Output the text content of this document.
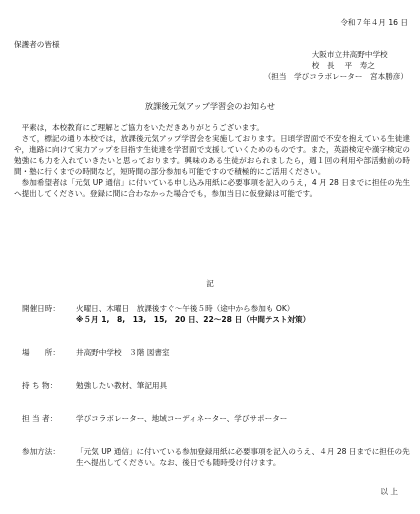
令和７年４月 16 日
保護者の皆様
大阪市立井高野中学校
校　長　 平　寿之
（担当　学びコラボレーター　宮本勝彦）
放課後元気アップ学習会のお知らせ

平素は，本校教育にご理解とご協力をいただきありがとうございます。

さて，標記の通り本校では，放課後元気アップ学習会を実施しております。日頃学習面で不安を抱えている生徒達や，進路に向けて実力アップを目指す生徒達を学習面で支援していくためのものです。また，英語検定や漢字検定の勉強にも力を入れていきたいと思っております。興味のある生徒がおられましたら，週１回の利用や部活動前の時間・塾に行くまでの時間など，短時間の部分参加も可能ですので積極的にご活用ください。

参加希望者は「元気 UP 通信」に付いている申し込み用紙に必要事項を記入のうえ，4 月 28 日までに担任の先生へ提出してください。登録に間に合わなかった場合でも，参加当日に仮登録は可能です。

記
開催日時：	火曜日、木曜日　放課後すぐ～午後５時（途中から参加も OK）
※５月 1,　8,　13,　15,　20 日、22～28 日（中間テスト対策）
場　　所：	井高野中学校　３階 図書室
持 ち 物：	勉強したい教材、筆記用具
担 当 者：	学びコラボレーター、地域コーディネーター、学びサポーター
参加方法：	「元気 UP 通信」に付いている参加登録用紙に必要事項を記入のうえ、４月 28 日までに担任の先生へ提出してください。なお、後日でも随時受け付けます。
以 上
